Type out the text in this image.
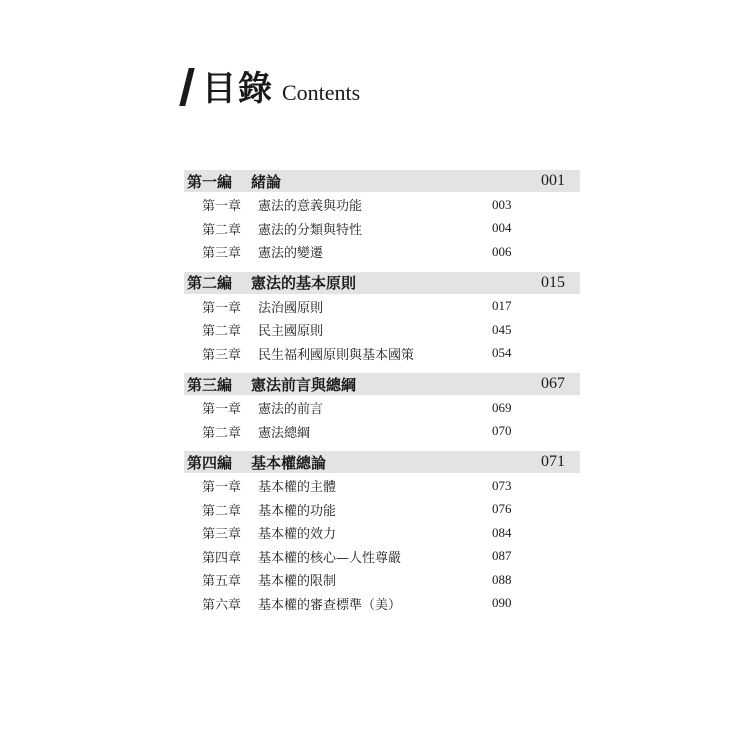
目錄 Contents
第一編	緒論	001
第一章	憲法的意義與功能	003
第二章	憲法的分類與特性	004
第三章	憲法的變遷	006
第二編	憲法的基本原則	015
第一章	法治國原則	017
第二章	民主國原則	045
第三章	民生福利國原則與基本國策	054
第三編	憲法前言與總綱	067
第一章	憲法的前言	069
第二章	憲法總綱	070
第四編	基本權總論	071
第一章	基本權的主體	073
第二章	基本權的功能	076
第三章	基本權的效力	084
第四章	基本權的核心—人性尊嚴	087
第五章	基本權的限制	088
第六章	基本權的審查標準（美）	090
